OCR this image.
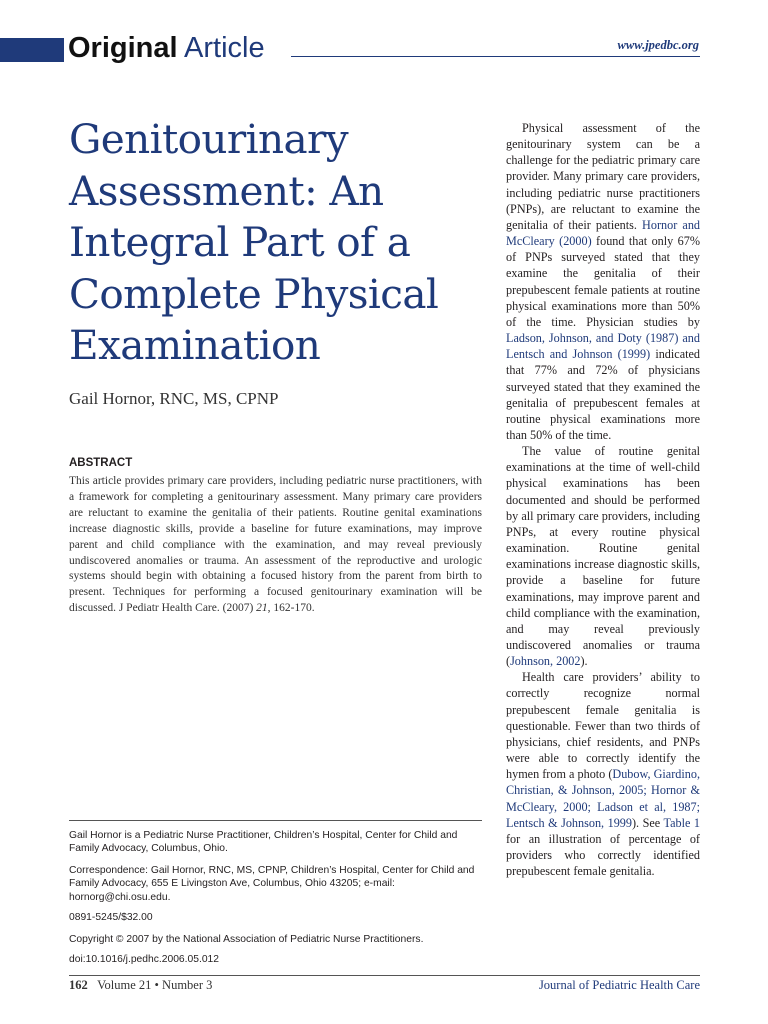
Original Article	www.jpedbc.org
Genitourinary Assessment: An Integral Part of a Complete Physical Examination

Gail Hornor, RNC, MS, CPNP

ABSTRACT

This article provides primary care providers, including pediatric nurse practitioners, with a framework for completing a genitourinary assessment. Many primary care providers are reluctant to examine the genitalia of their patients. Routine genital examinations increase diagnostic skills, provide a baseline for future examinations, may improve parent and child compliance with the examination, and may reveal previously undiscovered anomalies or trauma. An assessment of the reproductive and urologic systems should begin with obtaining a focused history from the parent from birth to present. Techniques for performing a focused genitourinary examination will be discussed. J Pediatr Health Care. (2007) 21, 162-170.

Gail Hornor is a Pediatric Nurse Practitioner, Children’s Hospital, Center for Child and Family Advocacy, Columbus, Ohio.

Correspondence: Gail Hornor, RNC, MS, CPNP, Children’s Hospital, Center for Child and Family Advocacy, 655 E Livingston Ave, Columbus, Ohio 43205; e-mail: hornorg@chi.osu.edu.

0891-5245/$32.00

Copyright © 2007 by the National Association of Pediatric Nurse Practitioners.

doi:10.1016/j.pedhc.2006.05.012

Physical assessment of the genitourinary system can be a challenge for the pediatric primary care provider. Many primary care providers, including pediatric nurse practitioners (PNPs), are reluctant to examine the genitalia of their patients. Hornor and McCleary (2000) found that only 67% of PNPs surveyed stated that they examine the genitalia of their prepubescent female patients at routine physical examinations more than 50% of the time. Physician studies by Ladson, Johnson, and Doty (1987) and Lentsch and Johnson (1999) indicated that 77% and 72% of physicians surveyed stated that they examined the genitalia of prepubescent females at routine physical examinations more than 50% of the time.

The value of routine genital examinations at the time of well-child physical examinations has been documented and should be performed by all primary care providers, including PNPs, at every routine physical examination. Routine genital examinations increase diagnostic skills, provide a baseline for future examinations, may improve parent and child compliance with the examination, and may reveal previously undiscovered anomalies or trauma (Johnson, 2002).

Health care providers’ ability to correctly recognize normal prepubescent female genitalia is questionable. Fewer than two thirds of physicians, chief residents, and PNPs were able to correctly identify the hymen from a photo (Dubow, Giardino, Christian, & Johnson, 2005; Hornor & McCleary, 2000; Ladson et al, 1987; Lentsch & Johnson, 1999). See Table 1 for an illustration of percentage of providers who correctly identified prepubescent female genitalia.

162 Volume 21 • Number 3	Journal of Pediatric Health Care
